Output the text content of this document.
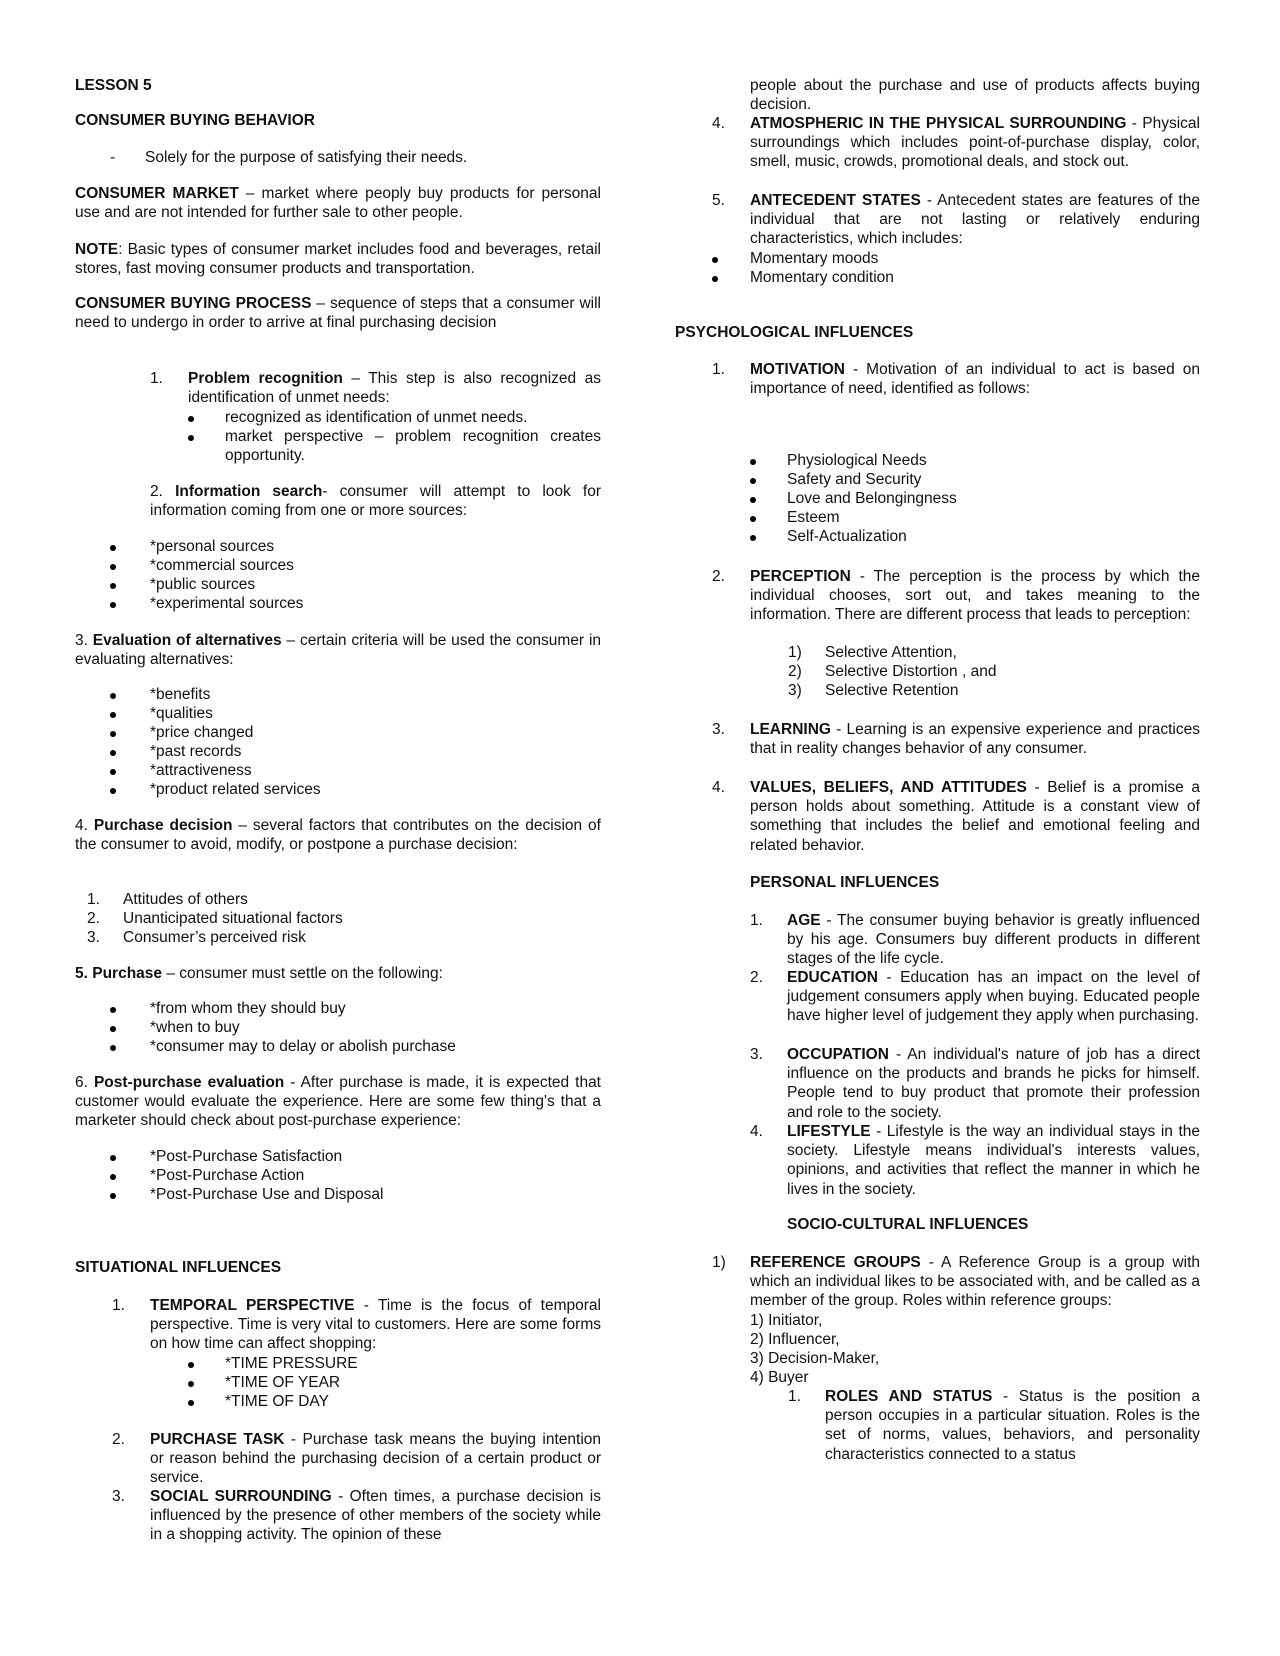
LESSON 5
CONSUMER BUYING BEHAVIOR
-	Solely for the purpose of satisfying their needs.

CONSUMER MARKET – market where peoply buy products for personal use and are not intended for further sale to other people.

NOTE: Basic types of consumer market includes food and beverages, retail stores, fast moving consumer products and transportation.

CONSUMER BUYING PROCESS – sequence of steps that a consumer will need to undergo in order to arrive at final purchasing decision

1.	Problem recognition – This step is also recognized as identification of unmet needs:
recognized as identification of unmet needs.
market perspective – problem recognition creates opportunity.

2. Information search- consumer will attempt to look for information coming from one or more sources:

*personal sources
*commercial sources
*public sources
*experimental sources

3. Evaluation of alternatives – certain criteria will be used the consumer in evaluating alternatives:

*benefits
*qualities
*price changed
*past records
*attractiveness
*product related services

4. Purchase decision – several factors that contributes on the decision of the consumer to avoid, modify, or postpone a purchase decision:

1.	Attitudes of others
2.	Unanticipated situational factors
3.	Consumer’s perceived risk

5. Purchase – consumer must settle on the following:

*from whom they should buy
*when to buy
*consumer may to delay or abolish purchase

6. Post-purchase evaluation - After purchase is made, it is expected that customer would evaluate the experience. Here are some few thing's that a marketer should check about post-purchase experience:

*Post-Purchase Satisfaction
*Post-Purchase Action
*Post-Purchase Use and Disposal
SITUATIONAL INFLUENCES
1.	TEMPORAL PERSPECTIVE - Time is the focus of temporal perspective. Time is very vital to customers. Here are some forms on how time can affect shopping:
*TIME PRESSURE
*TIME OF YEAR
*TIME OF DAY
2.	PURCHASE TASK - Purchase task means the buying intention or reason behind the purchasing decision of a certain product or service.
3.	SOCIAL SURROUNDING - Often times, a purchase decision is influenced by the presence of other members of the society while in a shopping activity. The opinion of these

people about the purchase and use of products affects buying decision.

4.	ATMOSPHERIC IN THE PHYSICAL SURROUNDING - Physical surroundings which includes point-of-purchase display, color, smell, music, crowds, promotional deals, and stock out.
5.	ANTECEDENT STATES - Antecedent states are features of the individual that are not lasting or relatively enduring characteristics, which includes:
Momentary moods
Momentary condition
PSYCHOLOGICAL INFLUENCES
1.	MOTIVATION - Motivation of an individual to act is based on importance of need, identified as follows:
Physiological Needs
Safety and Security
Love and Belongingness
Esteem
Self-Actualization
2.	PERCEPTION - The perception is the process by which the individual chooses, sort out, and takes meaning to the information. There are different process that leads to perception:
1)	Selective Attention,
2)	Selective Distortion , and
3)	Selective Retention
3.	LEARNING - Learning is an expensive experience and practices that in reality changes behavior of any consumer.
4.	VALUES, BELIEFS, AND ATTITUDES - Belief is a promise a person holds about something. Attitude is a constant view of something that includes the belief and emotional feeling and related behavior.
PERSONAL INFLUENCES
1.	AGE - The consumer buying behavior is greatly influenced by his age. Consumers buy different products in different stages of the life cycle.
2.	EDUCATION - Education has an impact on the level of judgement consumers apply when buying. Educated people have higher level of judgement they apply when purchasing.
3.	OCCUPATION - An individual's nature of job has a direct influence on the products and brands he picks for himself. People tend to buy product that promote their profession and role to the society.
4.	LIFESTYLE - Lifestyle is the way an individual stays in the society. Lifestyle means individual's interests values, opinions, and activities that reflect the manner in which he lives in the society.
SOCIO-CULTURAL INFLUENCES
1)	REFERENCE GROUPS - A Reference Group is a group with which an individual likes to be associated with, and be called as a member of the group. Roles within reference groups:
1) Initiator,
2) Influencer,
3) Decision-Maker,
4) Buyer
1.	ROLES AND STATUS - Status is the position a person occupies in a particular situation. Roles is the set of norms, values, behaviors, and personality characteristics connected to a status
